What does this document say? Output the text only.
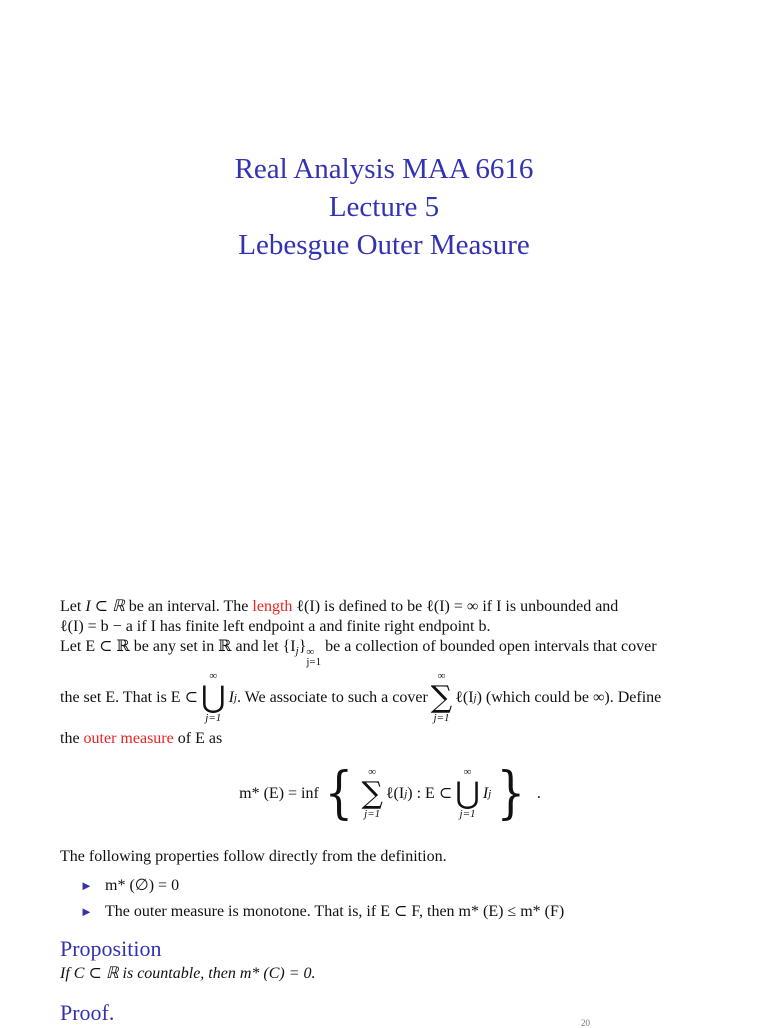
Real Analysis MAA 6616
Lecture 5
Lebesgue Outer Measure
Let I ⊂ ℝ be an interval. The length ℓ(I) is defined to be ℓ(I) = ∞ if I is unbounded and
ℓ(I) = b − a if I has finite left endpoint a and finite right endpoint b.
Let E ⊂ ℝ be any set in ℝ and let $\{I_j\}$ ∞
j=1
be a collection of bounded open intervals that cover
the set E. That is E ⊂
∞
⋃
j=1
I j . We associate to such a cover
∞
∑
j=1
ℓ(I j ) (which could be ∞). Define
the outer measure of E as
m* (E) = inf { ∞
∑
j=1
ℓ(I j ) : E ⊂
∞
⋃
j=1
I j } .
The following properties follow directly from the definition.
► m* (∅) = 0
► The outer measure is monotone. That is, if E ⊂ F, then m* (E) ≤ m* (F)
Proposition
If C ⊂ ℝ is countable, then m* (C) = 0.
Proof.	20
